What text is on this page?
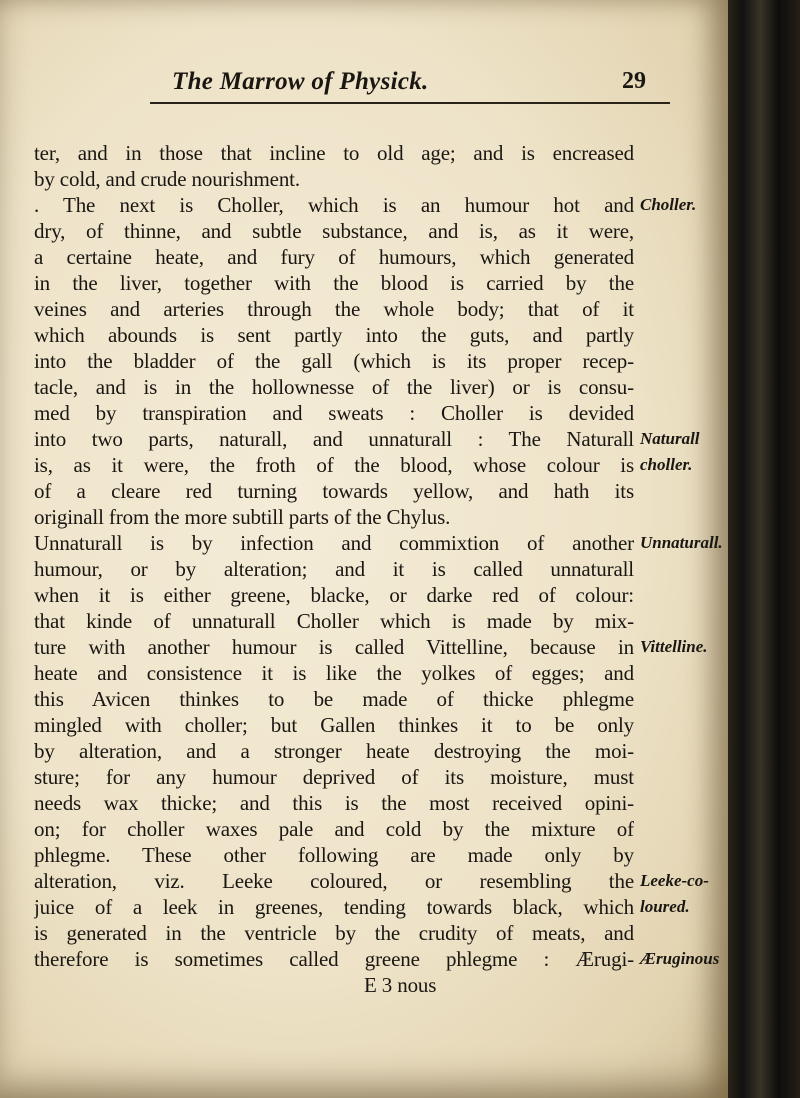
The Marrow of Physick.	29
ter, and in those that incline to old age; and is encreased
by cold, and crude nourishment.
. The next is Choller, which is an humour hot and
dry, of thinne, and subtle substance, and is, as it were,
a certaine heate, and fury of humours, which generated
in the liver, together with the blood is carried by the
veines and arteries through the whole body; that of it
which abounds is sent partly into the guts, and partly
into the bladder of the gall (which is its proper recep-
tacle, and is in the hollownesse of the liver) or is consu-
med by transpiration and sweats : Choller is devided
into two parts, naturall, and unnaturall : The Naturall
is, as it were, the froth of the blood, whose colour is
of a cleare red turning towards yellow, and hath its
originall from the more subtill parts of the Chylus.
Unnaturall is by infection and commixtion of another
humour, or by alteration; and it is called unnaturall
when it is either greene, blacke, or darke red of colour:
that kinde of unnaturall Choller which is made by mix-
ture with another humour is called Vittelline, because in
heate and consistence it is like the yolkes of egges; and
this Avicen thinkes to be made of thicke phlegme
mingled with choller; but Gallen thinkes it to be only
by alteration, and a stronger heate destroying the moi-
sture; for any humour deprived of its moisture, must
needs wax thicke; and this is the most received opini-
on; for choller waxes pale and cold by the mixture of
phlegme. These other following are made only by
alteration, viz. Leeke coloured, or resembling the
juice of a leek in greenes, tending towards black, which
is generated in the ventricle by the crudity of meats, and
therefore is sometimes called greene phlegme : Ærugi-
E 3 nous
Choller.
Naturall
choller.
Unnaturall.
Vittelline.
Leeke-co-
loured.
Æruginous
